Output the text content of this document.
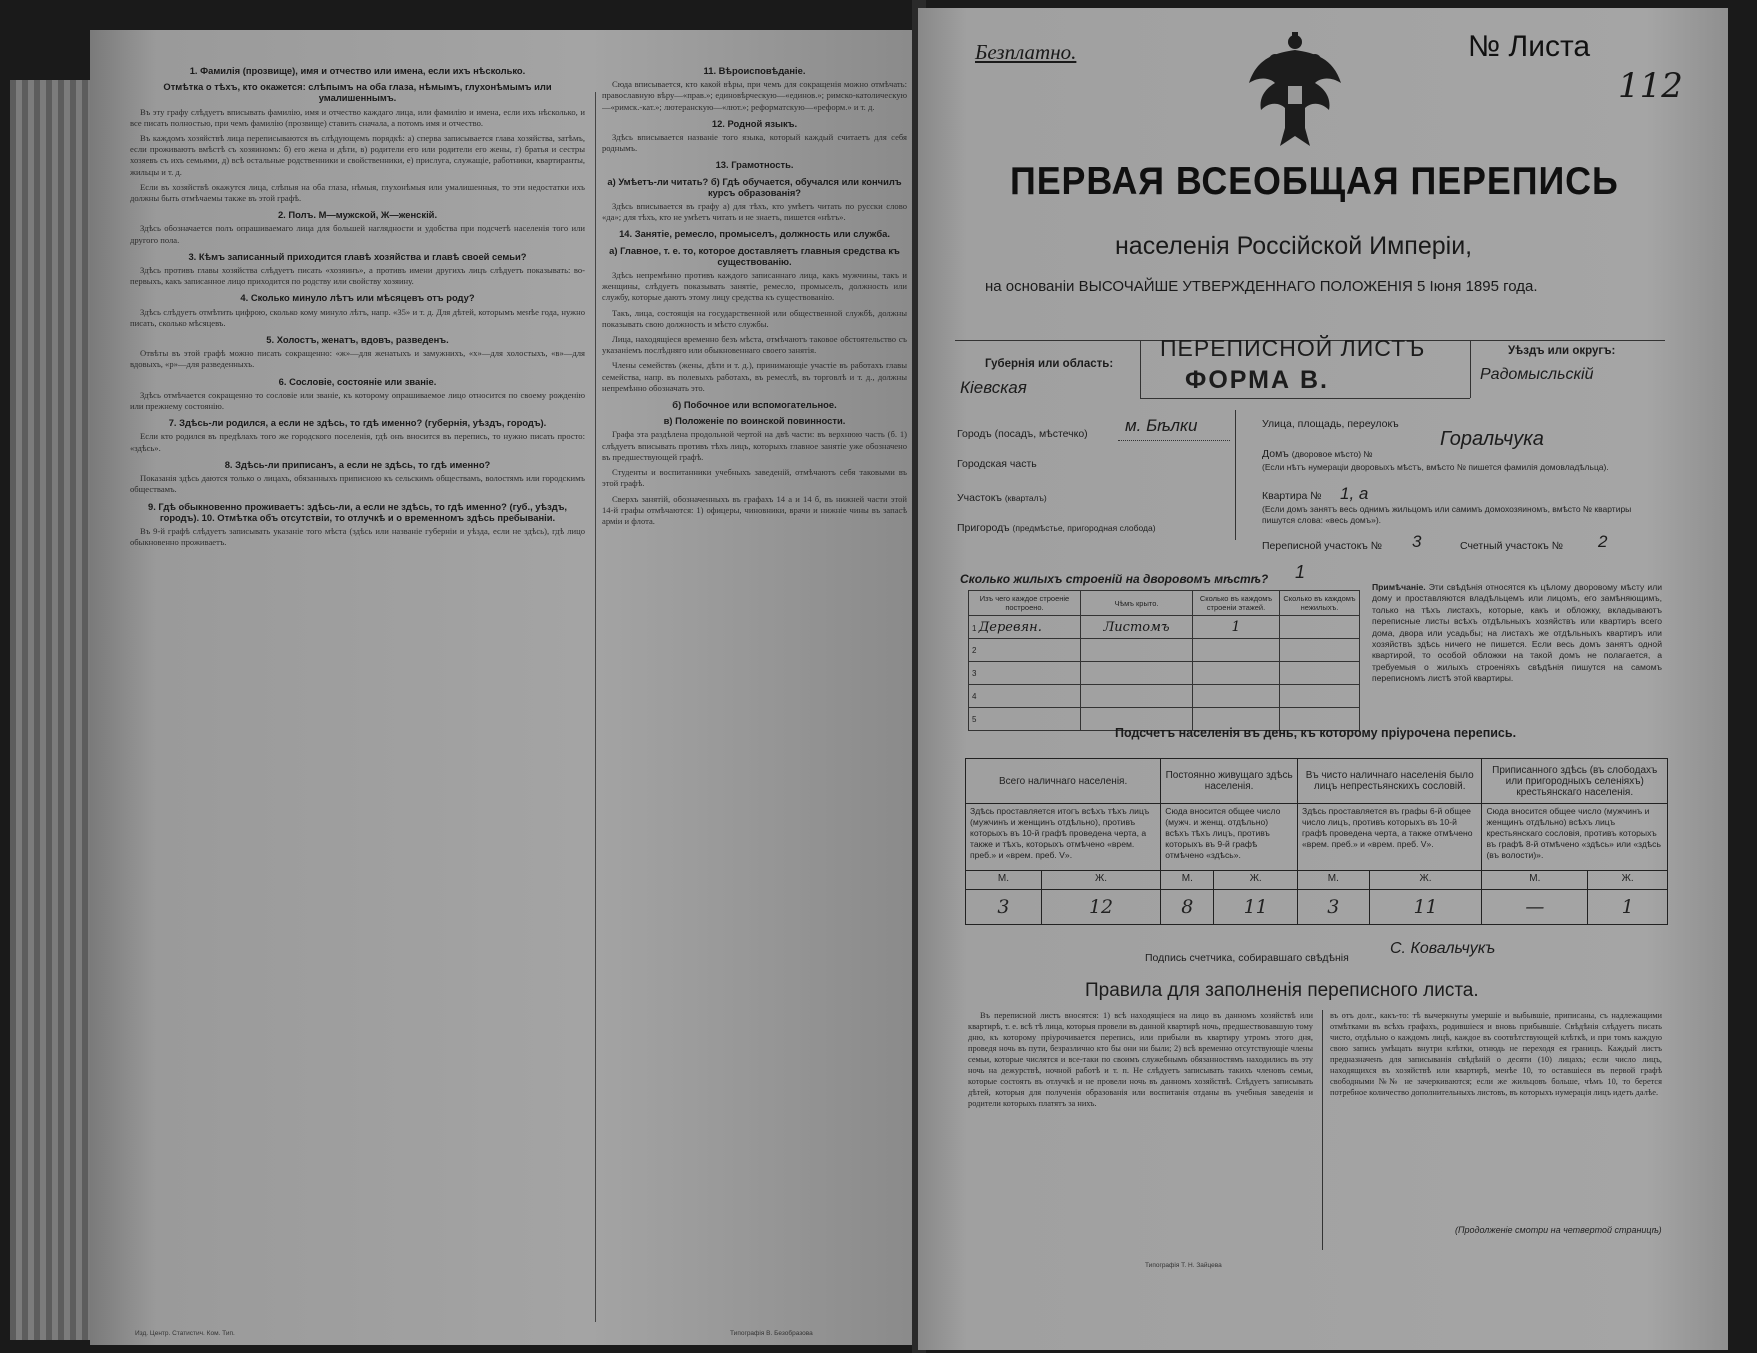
1. Фамилія (прозвище), имя и отчество или имена, если ихъ нѣсколько.
Отмѣтка о тѣхъ, кто окажется: слѣпымъ на оба глаза, нѣмымъ, глухонѣмымъ или умалишеннымъ.

Въ эту графу слѣдуетъ вписывать фамилію, имя и отчество каждаго лица, или фамилію и имена, если ихъ нѣсколько, и все писать полностью, при чемъ фамилію (прозвище) ставить сначала, а потомъ имя и отчество.

Въ каждомъ хозяйствѣ лица переписываются въ слѣдующемъ порядкѣ: а) сперва записывается глава хозяйства, затѣмъ, если проживаютъ вмѣстѣ съ хозяиномъ: б) его жена и дѣти, в) родители его или родители его жены, г) братья и сестры хозяевъ съ ихъ семьями, д) всѣ остальные родственники и свойственники, е) прислуга, служащіе, работники, квартиранты, жильцы и т. д.

Если въ хозяйствѣ окажутся лица, слѣпыя на оба глаза, нѣмыя, глухонѣмыя или умалишенныя, то эти недостатки ихъ должны быть отмѣчаемы также въ этой графѣ.

2. Полъ. М—мужской, Ж—женскій.

Здѣсь обозначается полъ опрашиваемаго лица для большей наглядности и удобства при подсчетѣ населенія того или другого пола.

3. Кѣмъ записанный приходится главѣ хозяйства и главѣ своей семьи?

Здѣсь противъ главы хозяйства слѣдуетъ писать «хозяинъ», а противъ имени другихъ лицъ слѣдуетъ показывать: во-первыхъ, какъ записанное лицо приходится по родству или свойству хозяину.

4. Сколько минуло лѣтъ или мѣсяцевъ отъ роду?

Здѣсь слѣдуетъ отмѣтить цифрою, сколько кому минуло лѣтъ, напр. «35» и т. д. Для дѣтей, которымъ менѣе года, нужно писать, сколько мѣсяцевъ.

5. Холостъ, женатъ, вдовъ, разведенъ.

Отвѣты въ этой графѣ можно писать сокращенно: «ж»—для женатыхъ и замужнихъ, «х»—для холостыхъ, «в»—для вдовыхъ, «р»—для разведенныхъ.

6. Сословіе, состояніе или званіе.

Здѣсь отмѣчается сокращенно то сословіе или званіе, къ которому опрашиваемое лицо относится по своему рожденію или прежнему состоянію.

7. Здѣсь-ли родился, а если не здѣсь, то гдѣ именно? (губернія, уѣздъ, городъ).

Если кто родился въ предѣлахъ того же городского поселенія, гдѣ онъ вносится въ перепись, то нужно писать просто: «здѣсь».

8. Здѣсь-ли приписанъ, а если не здѣсь, то гдѣ именно?

Показанія здѣсь даются только о лицахъ, обязанныхъ приписною къ сельскимъ обществамъ, волостямъ или городскимъ обществамъ.

9. Гдѣ обыкновенно проживаетъ: здѣсь-ли, а если не здѣсь, то гдѣ именно? (губ., уѣздъ, городъ). 10. Отмѣтка объ отсутствіи, то отлучкѣ и о временномъ здѣсь пребываніи.

Въ 9-й графѣ слѣдуетъ записывать указаніе того мѣста (здѣсь или названіе губерніи и уѣзда, если не здѣсь), гдѣ лицо обыкновенно проживаетъ.

11. Вѣроисповѣданіе.

Сюда вписывается, кто какой вѣры, при чемъ для сокращенія можно отмѣчать: православную вѣру—«прав.»; единовѣрческую—«единов.»; римско-католическую—«римск.-кат.»; лютеранскую—«лют.»; реформатскую—«реформ.» и т. д.

12. Родной языкъ.

Здѣсь вписывается названіе того языка, который каждый считаетъ для себя роднымъ.

13. Грамотность.
а) Умѣетъ-ли читать? б) Гдѣ обучается, обучался или кончилъ курсъ образованія?

Здѣсь вписывается въ графу а) для тѣхъ, кто умѣетъ читать по русски слово «да»; для тѣхъ, кто не умѣетъ читать и не знаетъ, пишется «нѣтъ».

14. Занятіе, ремесло, промыселъ, должность или служба.
а) Главное, т. е. то, которое доставляетъ главныя средства къ существованію.

Здѣсь непремѣнно противъ каждого записаннаго лица, какъ мужчины, такъ и женщины, слѣдуетъ показывать занятіе, ремесло, промыселъ, должность или службу, которые даютъ этому лицу средства къ существованію.

Такъ, лица, состоящія на государственной или общественной службѣ, должны показывать свою должность и мѣсто службы.

Лица, находящіеся временно безъ мѣста, отмѣчаютъ таковое обстоятельство съ указаніемъ послѣдняго или обыкновеннаго своего занятія.

Члены семействъ (жены, дѣти и т. д.), принимающіе участіе въ работахъ главы семейства, напр. въ полевыхъ работахъ, въ ремеслѣ, въ торговлѣ и т. д., должны непремѣнно обозначать это.

б) Побочное или вспомогательное.
в) Положеніе по воинской повинности.

Графа эта раздѣлена продольной чертой на двѣ части: въ верхнюю часть (б. 1) слѣдуетъ вписывать противъ тѣхъ лицъ, которыхъ главное занятіе уже обозначено въ предшествующей графѣ.

Студенты и воспитанники учебныхъ заведеній, отмѣчаютъ себя таковыми въ этой графѣ.

Сверхъ занятій, обозначенныхъ въ графахъ 14 а и 14 б, въ нижней части этой 14-й графы отмѣчаются: 1) офицеры, чиновники, врачи и нижніе чины въ запасѣ арміи и флота.

Изд. Центр. Статистич. Ком. Тип.	Типографія В. Безобразова
Безплатно.	№ Листа
112
ПЕРВАЯ ВСЕОБЩАЯ ПЕРЕПИСЬ
населенія Россійской Имперіи,
на основаніи ВЫСОЧАЙШЕ УТВЕРЖДЕННАГО ПОЛОЖЕНІЯ 5 Іюня 1895 года.
Губернія или область:
Кіевская
ПЕРЕПИСНОЙ ЛИСТЪ
ФОРМА В.
Уѣздъ или округъ:
Радомысльскій
Городъ (посадъ, мѣстечко) м. Бѣлки
Городская часть
Участокъ (кварталъ)
Пригородъ (предмѣстье, пригородная слобода)
Улица, площадь, переулокъ
Домъ (дворовое мѣсто) №
Горальчука
(Если нѣтъ нумераціи дворовыхъ мѣстъ, вмѣсто № пишется фамилія домовладѣльца).
Квартира № 1, а
(Если домъ занятъ весь однимъ жильцомъ или самимъ домохозяиномъ, вмѣсто № квартиры пишутся слова: «весь домъ»).
Переписной участокъ № 3	Счетный участокъ № 2
Сколько жилыхъ строеній на дворовомъ мѣстѣ? 1
Изъ чего каждое строеніе построено.	Чѣмъ крыто.	Сколько въ каждомъ строеніи этажей.	Сколько въ каждомъ нежилыхъ.
1 Деревян.	Листомъ	1	
2			
3			
4			
5			
Примѣчаніе. Эти свѣдѣнія относятся къ цѣлому дворовому мѣсту или дому и проставляются владѣльцемъ или лицомъ, его замѣняющимъ, только на тѣхъ листахъ, которые, какъ и обложку, вкладываютъ переписные листы всѣхъ отдѣльныхъ хозяйствъ или квартиръ всего дома, двора или усадьбы; на листахъ же отдѣльныхъ квартиръ или хозяйствъ здѣсь ничего не пишется. Если весь домъ занятъ одной квартирой, то особой обложки на такой домъ не полагается, а требуемыя о жилыхъ строеніяхъ свѣдѣнія пишутся на самомъ переписномъ листѣ этой квартиры.
Подсчетъ населенія въ день, къ которому пріурочена перепись.
Всего наличнаго населенія.		Постоянно живущаго здѣсь населенія.		Въ чисто наличнаго населенія было лицъ непрестьянскихъ сословій.		Приписанного здѣсь (въ слободахъ или пригородныхъ селеніяхъ) крестьянскаго населенія.	
Здѣсь проставляется итогъ всѣхъ тѣхъ лицъ (мужчинъ и женщинъ отдѣльно), противъ которыхъ въ 10-й графѣ проведена черта, а также и тѣхъ, которыхъ отмѣчено «врем. преб.» и «врем. преб. V».		Сюда вносится общее число (мужч. и женщ. отдѣльно) всѣхъ тѣхъ лицъ, противъ которыхъ въ 9-й графѣ отмѣчено «здѣсь».		Здѣсь проставляется въ графы 6-й общее число лицъ, противъ которыхъ въ 10-й графѣ проведена черта, а также отмѣчено «врем. преб.» и «врем. преб. V».		Сюда вносится общее число (мужчинъ и женщинъ отдѣльно) всѣхъ лицъ крестьянскаго сословія, противъ которыхъ въ графѣ 8-й отмѣчено «здѣсь» или «здѣсь (въ волости)».	
М.	Ж.	М.	Ж.	М.	Ж.	М.	Ж.
3	12	8	11	3	11	—	1
Подпись счетчика, собиравшаго свѣдѣнія
С. Ковальчукъ
Правила для заполненія переписного листа.
Въ переписной листъ вносятся: 1) всѣ находящіеся на лицо въ данномъ хозяйствѣ или квартирѣ, т. е. всѣ тѣ лица, которыя провели въ данной квартирѣ ночь, предшествовавшую тому дню, къ которому пріурочивается перепись, или прибыли въ квартиру утромъ этого дня, проведя ночь въ пути, безразлично кто бы они ни были; 2) всѣ временно отсутствующіе члены семьи, которые числятся и все-таки по своимъ служебнымъ обязанностямъ находились въ эту ночь на дежурствѣ, ночной работѣ и т. п. Не слѣдуетъ записывать такихъ членовъ семьи, которые состоятъ въ отлучкѣ и не провели ночь въ данномъ хозяйствѣ. Слѣдуетъ записывать дѣтей, которыя для полученія образованія или воспитанія отданы въ учебныя заведенія и родители которыхъ платятъ за нихъ.
въ отъ долг., какъ-то: тѣ вычеркнуты умершіе и выбывшіе, приписаны, съ надлежащими отмѣтками въ всѣхъ графахъ, родившіеся и вновь прибывшіе. Свѣдѣнія слѣдуетъ писать чисто, отдѣльно о каждомъ лицѣ, каждое въ соотвѣтствующей клѣткѣ, и при томъ каждую свою запись умѣщать внутри клѣтки, отнюдь не переходя ея границъ. Каждый листъ предназначенъ для записыванія свѣдѣній о десяти (10) лицахъ; если число лицъ, находящихся въ хозяйствѣ или квартирѣ, менѣе 10, то оставшіеся въ первой графѣ свободными №№ не зачеркиваются; если же жильцовъ больше, чѣмъ 10, то берется потребное количество дополнительныхъ листовъ, въ которыхъ нумерація лицъ идетъ далѣе.
(Продолженіе смотри на четвертой страницѣ)
Типографія Т. Н. Зайцева
